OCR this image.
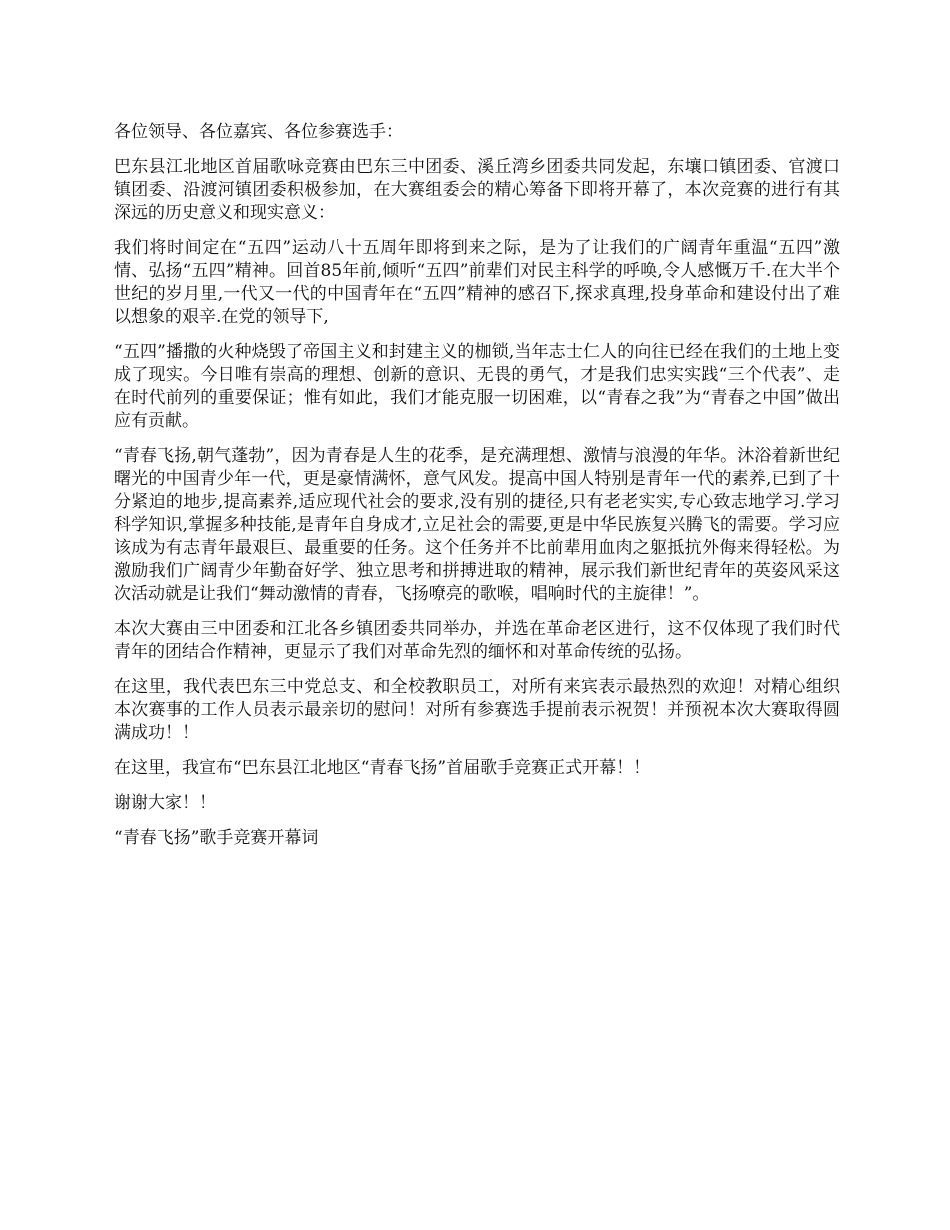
各位领导、各位嘉宾、各位参赛选手：

巴东县江北地区首届歌咏竞赛由巴东三中团委、溪丘湾乡团委共同发起，东壤口镇团委、官渡口镇团委、沿渡河镇团委积极参加，在大赛组委会的精心筹备下即将开幕了，本次竞赛的进行有其深远的历史意义和现实意义：

我们将时间定在“五四”运动八十五周年即将到来之际，是为了让我们的广阔青年重温“五四”激情、弘扬“五四”精神。回首85年前,倾听“五四”前辈们对民主科学的呼唤,令人感慨万千.在大半个世纪的岁月里,一代又一代的中国青年在“五四”精神的感召下,探求真理,投身革命和建设付出了难以想象的艰辛.在党的领导下,

“五四”播撒的火种烧毁了帝国主义和封建主义的枷锁,当年志士仁人的向往已经在我们的土地上变成了现实。今日唯有崇高的理想、创新的意识、无畏的勇气，才是我们忠实实践“三个代表”、走在时代前列的重要保证；惟有如此，我们才能克服一切困难，以“青春之我”为“青春之中国”做出应有贡献。

“青春飞扬,朝气蓬勃”，因为青春是人生的花季，是充满理想、激情与浪漫的年华。沐浴着新世纪曙光的中国青少年一代，更是豪情满怀，意气风发。提高中国人特别是青年一代的素养,已到了十分紧迫的地步,提高素养,适应现代社会的要求,没有别的捷径,只有老老实实,专心致志地学习.学习科学知识,掌握多种技能,是青年自身成才,立足社会的需要,更是中华民族复兴腾飞的需要。学习应该成为有志青年最艰巨、最重要的任务。这个任务并不比前辈用血肉之躯抵抗外侮来得轻松。为激励我们广阔青少年勤奋好学、独立思考和拼搏进取的精神，展示我们新世纪青年的英姿风采这次活动就是让我们“舞动激情的青春，飞扬嘹亮的歌喉，唱响时代的主旋律！”。

本次大赛由三中团委和江北各乡镇团委共同举办，并选在革命老区进行，这不仅体现了我们时代青年的团结合作精神，更显示了我们对革命先烈的缅怀和对革命传统的弘扬。

在这里，我代表巴东三中党总支、和全校教职员工，对所有来宾表示最热烈的欢迎！对精心组织本次赛事的工作人员表示最亲切的慰问！对所有参赛选手提前表示祝贺！并预祝本次大赛取得圆满成功！！

在这里，我宣布“巴东县江北地区“青春飞扬”首届歌手竞赛正式开幕！！

谢谢大家！！

“青春飞扬”歌手竞赛开幕词
